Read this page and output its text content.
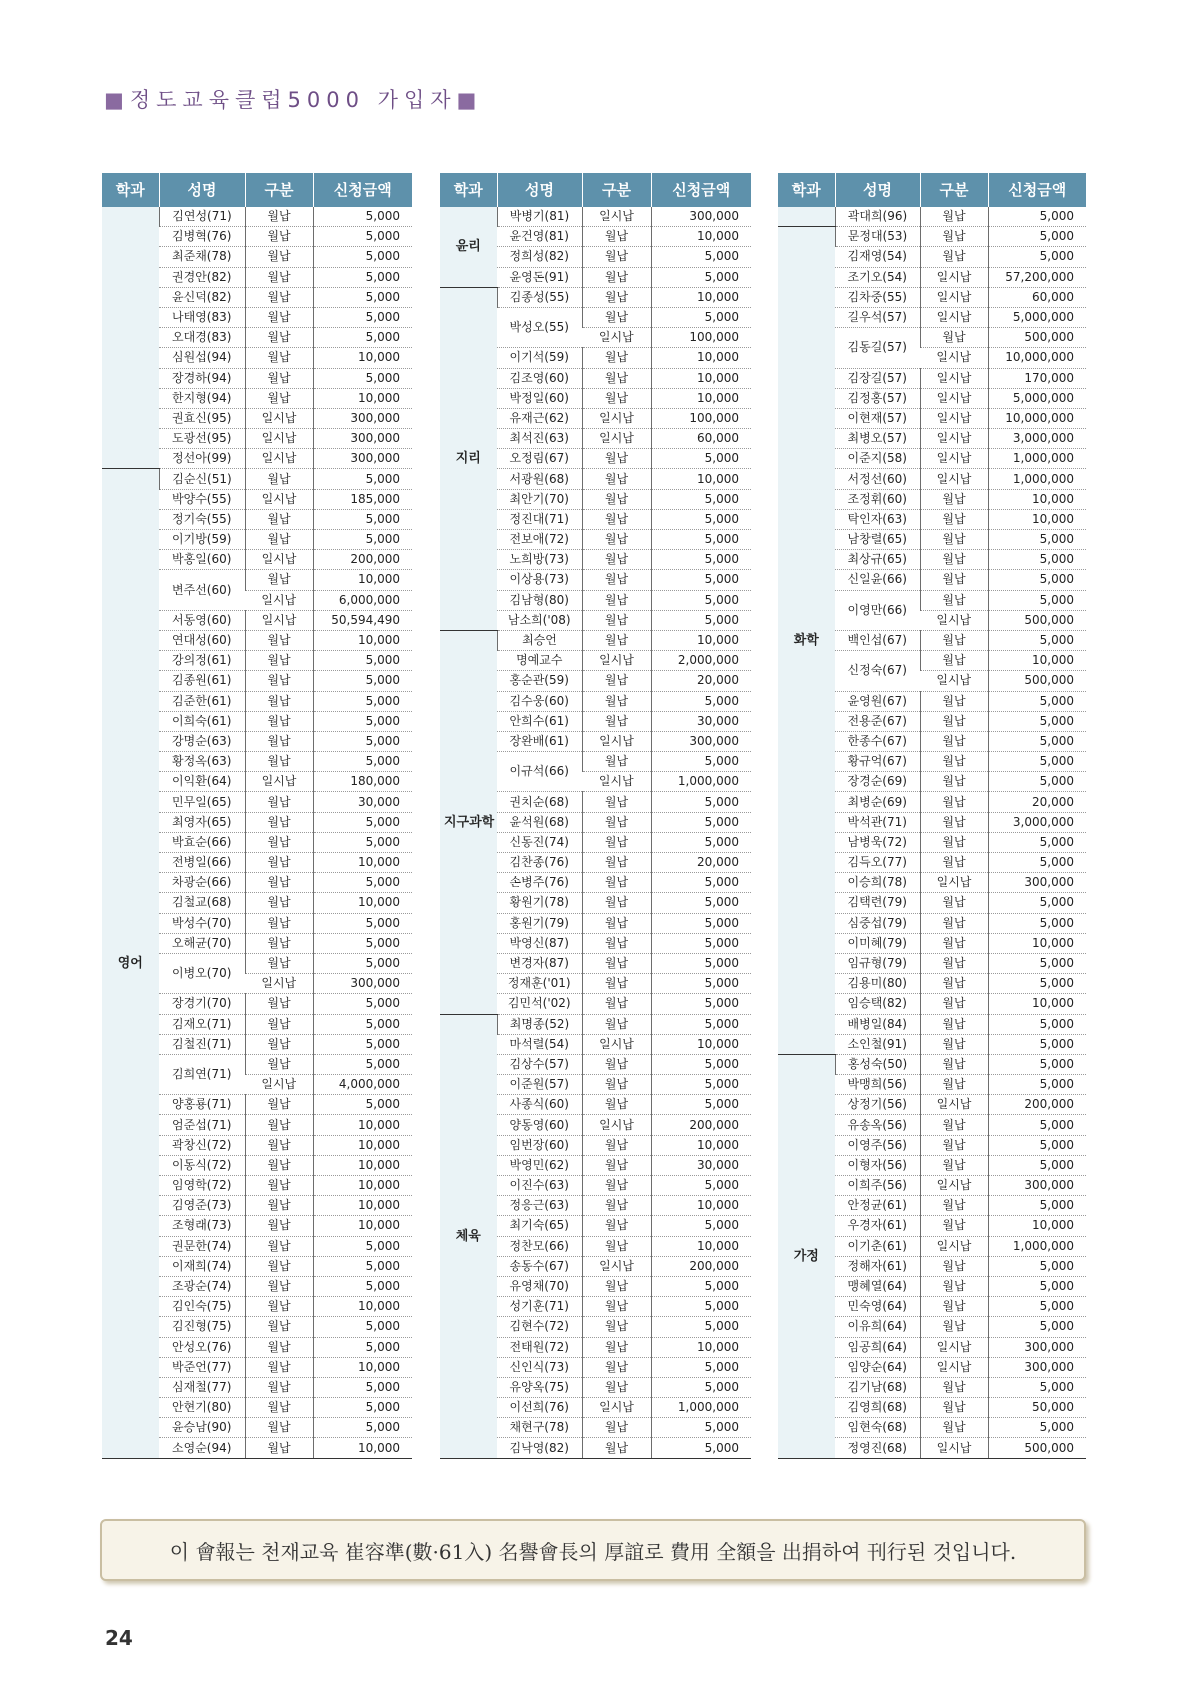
■정도교육클럽5000 가입자■
학과	성명	구분	신청금액
	김연성(71)	월납	5,000
	김병혁(76)	월납	5,000
	최준채(78)	월납	5,000
	권경안(82)	월납	5,000
	윤신덕(82)	월납	5,000
	나태영(83)	월납	5,000
	오대경(83)	월납	5,000
	심원섭(94)	월납	10,000
	장경하(94)	월납	5,000
	한지형(94)	월납	10,000
	권효신(95)	일시납	300,000
	도광선(95)	일시납	300,000
	정선아(99)	일시납	300,000
영어	김순신(51)	월납	5,000
	박양수(55)	일시납	185,000
	정기숙(55)	월납	5,000
	이기방(59)	월납	5,000
	박홍일(60)	일시납	200,000
	변주선(60)	월납	10,000
		일시납	6,000,000
	서동영(60)	일시납	50,594,490
	연대성(60)	월납	10,000
	강의정(61)	월납	5,000
	김종원(61)	월납	5,000
	김준한(61)	월납	5,000
	이희숙(61)	월납	5,000
	강명순(63)	월납	5,000
	황정옥(63)	월납	5,000
	이익환(64)	일시납	180,000
	민무일(65)	월납	30,000
	최영자(65)	월납	5,000
	박효순(66)	월납	5,000
	전병일(66)	월납	10,000
	차광순(66)	월납	5,000
	김철교(68)	월납	10,000
	박성수(70)	월납	5,000
	오해균(70)	월납	5,000
	이병오(70)	월납	5,000
		일시납	300,000
	장경기(70)	월납	5,000
	김재오(71)	월납	5,000
	김철진(71)	월납	5,000
	김희연(71)	월납	5,000
		일시납	4,000,000
	양홍룡(71)	월납	5,000
	엄준섭(71)	월납	10,000
	곽창신(72)	월납	10,000
	이동식(72)	월납	10,000
	임영학(72)	월납	10,000
	김영준(73)	월납	10,000
	조형래(73)	월납	10,000
	권문한(74)	월납	5,000
	이재희(74)	월납	5,000
	조광순(74)	월납	5,000
	김인숙(75)	월납	10,000
	김진형(75)	월납	5,000
	안성오(76)	월납	5,000
	박준언(77)	월납	10,000
	심재철(77)	월납	5,000
	안현기(80)	월납	5,000
	윤승남(90)	월납	5,000
	소영순(94)	월납	10,000
학과	성명	구분	신청금액
윤리	박병기(81)	일시납	300,000
	윤건영(81)	월납	10,000
	정희성(82)	월납	5,000
	윤영돈(91)	월납	5,000
지리	김종성(55)	월납	10,000
	박성오(55)	월납	5,000
		일시납	100,000
	이기석(59)	월납	10,000
	김조영(60)	월납	10,000
	박정일(60)	월납	10,000
	유재근(62)	일시납	100,000
	최석진(63)	일시납	60,000
	오정림(67)	월납	5,000
	서광원(68)	월납	10,000
	최안기(70)	월납	5,000
	정진대(71)	월납	5,000
	전보애(72)	월납	5,000
	노희방(73)	월납	5,000
	이상용(73)	월납	5,000
	김남형(80)	월납	5,000
	남소희('08)	월납	5,000
지구과학	최승언	월납	10,000
	명예교수	일시납	2,000,000
	홍순관(59)	월납	20,000
	김수웅(60)	월납	5,000
	안희수(61)	월납	30,000
	장완배(61)	일시납	300,000
	이규석(66)	월납	5,000
		일시납	1,000,000
	권치순(68)	월납	5,000
	윤석원(68)	월납	5,000
	신동진(74)	월납	5,000
	김찬종(76)	월납	20,000
	손병주(76)	월납	5,000
	황원기(78)	월납	5,000
	홍원기(79)	월납	5,000
	박영신(87)	월납	5,000
	변경자(87)	월납	5,000
	정재훈('01)	월납	5,000
	김민석('02)	월납	5,000
체육	최명종(52)	월납	5,000
	마석렬(54)	일시납	10,000
	김상수(57)	월납	5,000
	이준원(57)	월납	5,000
	사종식(60)	월납	5,000
	양동영(60)	일시납	200,000
	임번장(60)	월납	10,000
	박영민(62)	월납	30,000
	이진수(63)	월납	5,000
	정응근(63)	월납	10,000
	최기숙(65)	월납	5,000
	정찬모(66)	월납	10,000
	송동수(67)	일시납	200,000
	유영채(70)	월납	5,000
	성기훈(71)	월납	5,000
	김현수(72)	월납	5,000
	전태원(72)	월납	10,000
	신인식(73)	월납	5,000
	유양옥(75)	월납	5,000
	이선희(76)	일시납	1,000,000
	채현구(78)	월납	5,000
	김낙영(82)	월납	5,000
학과	성명	구분	신청금액
	곽대희(96)	월납	5,000
화학	문정대(53)	월납	5,000
	김재영(54)	월납	5,000
	조기오(54)	일시납	57,200,000
	김차중(55)	일시납	60,000
	길우석(57)	일시납	5,000,000
	김동길(57)	월납	500,000
		일시납	10,000,000
	김장길(57)	일시납	170,000
	김정홍(57)	일시납	5,000,000
	이현재(57)	일시납	10,000,000
	최병오(57)	일시납	3,000,000
	이준지(58)	일시납	1,000,000
	서정선(60)	일시납	1,000,000
	조정휘(60)	월납	10,000
	탁인자(63)	월납	10,000
	남창렬(65)	월납	5,000
	최상규(65)	월납	5,000
	신일윤(66)	월납	5,000
	이영만(66)	월납	5,000
		일시납	500,000
	백인섭(67)	월납	5,000
	신정숙(67)	월납	10,000
		일시납	500,000
	윤영원(67)	월납	5,000
	전용준(67)	월납	5,000
	한종수(67)	월납	5,000
	황규억(67)	월납	5,000
	장경순(69)	월납	5,000
	최병순(69)	월납	20,000
	박석관(71)	월납	3,000,000
	남병욱(72)	월납	5,000
	김득오(77)	월납	5,000
	이승희(78)	일시납	300,000
	김택련(79)	월납	5,000
	심중섭(79)	월납	5,000
	이미혜(79)	월납	10,000
	임규형(79)	월납	5,000
	김용미(80)	월납	5,000
	임승택(82)	월납	10,000
	배병일(84)	월납	5,000
	소인철(91)	월납	5,000
가정	홍성숙(50)	월납	5,000
	박맹희(56)	월납	5,000
	상정기(56)	일시납	200,000
	유송옥(56)	월납	5,000
	이영주(56)	월납	5,000
	이형자(56)	월납	5,000
	이희주(56)	일시납	300,000
	안정균(61)	월납	5,000
	우경자(61)	월납	10,000
	이기춘(61)	일시납	1,000,000
	정해자(61)	월납	5,000
	맹혜열(64)	월납	5,000
	민숙영(64)	월납	5,000
	이유희(64)	월납	5,000
	임공희(64)	일시납	300,000
	임양순(64)	일시납	300,000
	김기남(68)	월납	5,000
	김영희(68)	월납	50,000
	임현숙(68)	월납	5,000
	정영진(68)	일시납	500,000
이 會報는 천재교육 崔容準(數·61入) 名譽會長의 厚誼로 費用 全額을 出捐하여 刊行된 것입니다.
24
